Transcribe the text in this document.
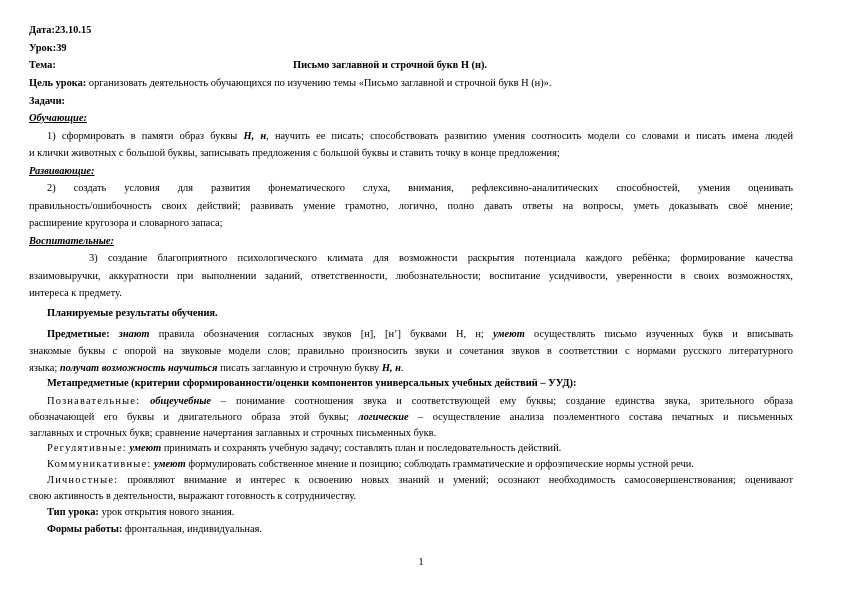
Дата:23.10.15
Урок:39
Тема:	Письмо заглавной и строчной букв Н (н).
Цель урока: организовать деятельность обучающихся по изучению темы «Письмо заглавной и строчной букв Н (н)».
Задачи:
Обучающие:
1) сформировать в памяти образ буквы Н, н, научить ее писать; способствовать развитию умения соотносить модели со словами и писать имена людей
и клички животных с большой буквы, записывать предложения с большой буквы и ставить точку в конце предложения;
Развивающие:
2) создать условия для развития фонематического слуха, внимания, рефлексивно-аналитических способностей, умения оценивать
правильность/ошибочность своих действий; развивать умение грамотно, логично, полно давать ответы на вопросы, уметь доказывать своё мнение;
расширение кругозора и словарного запаса;
Воспитательные:
3) создание благоприятного психологического климата для возможности раскрытия потенциала каждого ребёнка; формирование качества
взаимовыручки, аккуратности при выполнении заданий, ответственности, любознательности; воспитание усидчивости, уверенности в своих возможностях,
интереса к предмету.
Планируемые результаты обучения.
Предметные: знают правила обозначения согласных звуков [н], [н’] буквами Н, н; умеют осуществлять письмо изученных букв и вписывать
знакомые буквы с опорой на звуковые модели слов; правильно произносить звуки и сочетания звуков в соответствии с нормами русского литературного
языка; получат возможность научиться писать заглавную и строчную букву Н, н.
Метапредметные (критерии сформированности/оценки компонентов универсальных учебных действий – УУД):
Познавательные: общеучебные – понимание соотношения звука и соответствующей ему буквы; создание единства звука, зрительного образа
обозначающей его буквы и двигательного образа этой буквы; логические – осуществление анализа поэлементного состава печатных и письменных
заглавных и строчных букв; сравнение начертания заглавных и строчных письменных букв.
Регулятивные: умеют принимать и сохранять учебную задачу; составлять план и последовательность действий.
Коммуникативные: умеют формулировать собственное мнение и позицию; соблюдать грамматические и орфоэпические нормы устной речи.
Личностные: проявляют внимание и интерес к освоению новых знаний и умений; осознают необходимость самосовершенствования; оценивают
свою активность в деятельности, выражают готовность к сотрудничеству.
Тип урока: урок открытия нового знания.
Формы работы: фронтальная, индивидуальная.
1
